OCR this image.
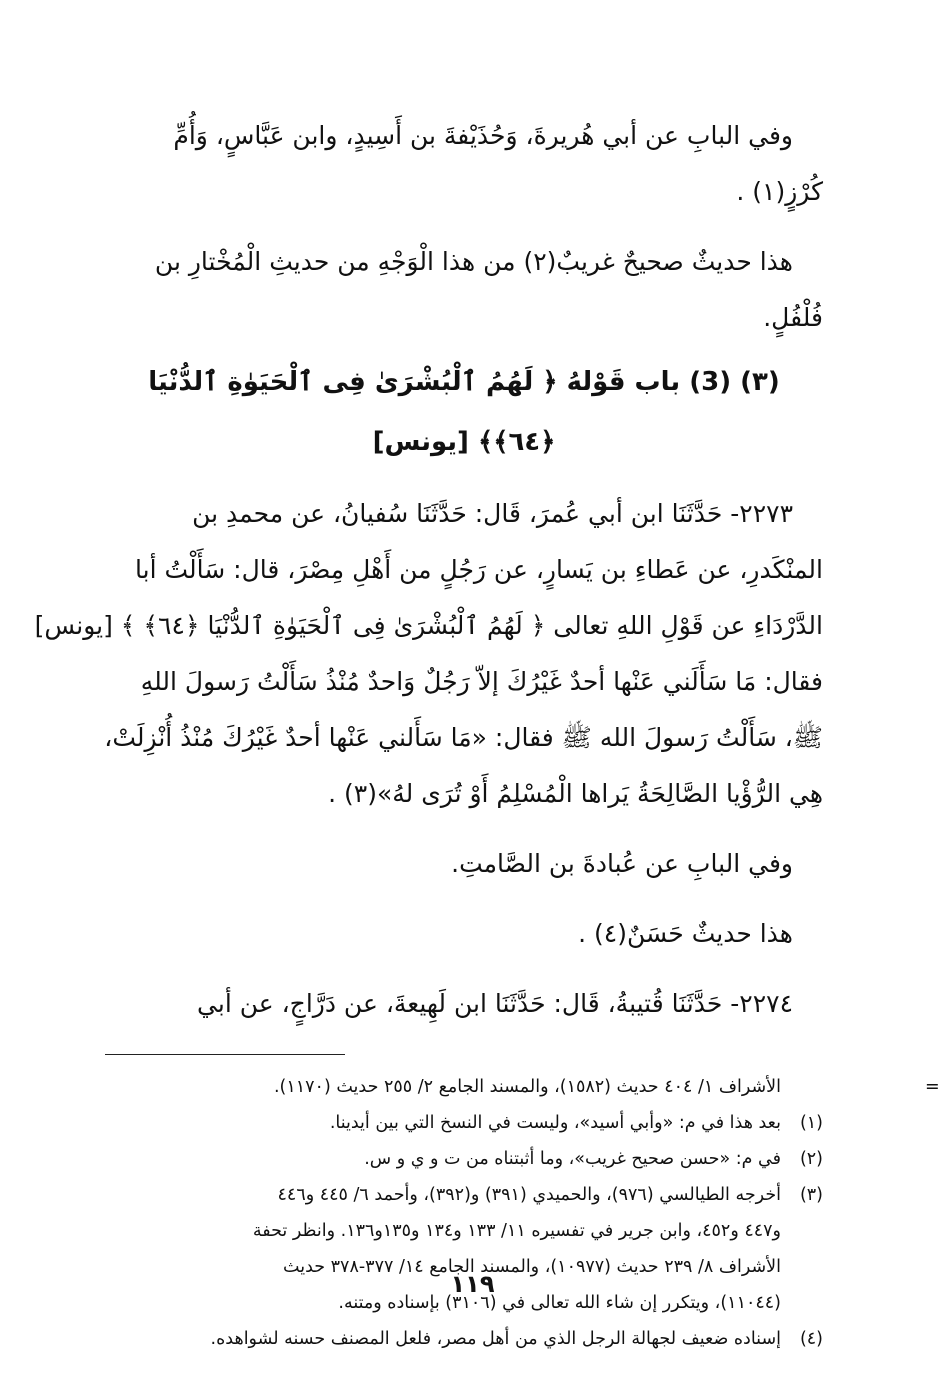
وفي البابِ عن أبي هُريرةَ، وَحُذَيْفةَ بن أَسِيدٍ، وابن عَبَّاسٍ، وَأُمِّ
كُرْزٍ(١) .
هذا حديثٌ صحيحٌ غريبٌ(٢) من هذا الْوَجْهِ من حديثِ الْمُخْتارِ بن
فُلْفُلٍ.
(٣) (3) باب قَوْلهُ ﴿ لَهُمُ ٱلْبُشْرَىٰ فِى ٱلْحَيَوٰةِ ٱلدُّنْيَا ﴿٦٤﴾﴾ [يونس]
٢٢٧٣- حَدَّثَنَا ابن أبي عُمرَ، قَال: حَدَّثَنَا سُفيانُ، عن محمدِ بن
المنْكَدرِ، عن عَطاءِ بن يَسارٍ، عن رَجُلٍ من أَهْلِ مِصْرَ، قال: سَأَلْتُ أبا
الدَّرْدَاءِ عن قَوْلِ اللهِ تعالى ﴿ لَهُمُ ٱلْبُشْرَىٰ فِى ٱلْحَيَوٰةِ ٱلدُّنْيَا ﴿٦٤﴾ ﴾ [يونس]
فقال: مَا سَأَلَني عَنْها أحدٌ غَيْرُكَ إلاّ رَجُلٌ وَاحدٌ مُنْذُ سَأَلْتُ رَسولَ اللهِ
ﷺ، سَأَلْتُ رَسولَ الله ﷺ فقال: «مَا سَأَلني عَنْها أحدٌ غَيْرُكَ مُنْذُ أُنْزِلَتْ،
هِي الرُّؤْيا الصَّالِحَةُ يَراها الْمُسْلِمُ أَوْ تُرَى لهُ»(٣) .
وفي البابِ عن عُبادةَ بن الصَّامتِ.
هذا حديثٌ حَسَنٌ(٤) .
٢٢٧٤- حَدَّثَنَا قُتيبةُ، قَال: حَدَّثَنَا ابن لَهِيعةَ، عن دَرَّاجٍ، عن أبي
الأشراف ١/ ٤٠٤ حديث (١٥٨٢)، والمسند الجامع ٢/ ٢٥٥ حديث (١١٧٠).	=
(١)
بعد هذا في م: «وأبي أسيد»، وليست في النسخ التي بين أيدينا.
(٢)
في م: «حسن صحيح غريب»، وما أثبتناه من ت و ي و س.
(٣)
أخرجه الطيالسي (٩٧٦)، والحميدي (٣٩١) و(٣٩٢)، وأحمد ٦/ ٤٤٥ و٤٤٦
و٤٤٧ و٤٥٢، وابن جرير في تفسيره ١١/ ١٣٣ و١٣٤ و١٣٥و١٣٦. وانظر تحفة
الأشراف ٨/ ٢٣٩ حديث (١٠٩٧٧)، والمسند الجامع ١٤/ ٣٧٧-٣٧٨ حديث
(١١٠٤٤)، ويتكرر إن شاء الله تعالى في (٣١٠٦) بإسناده ومتنه.
(٤)
إسناده ضعيف لجهالة الرجل الذي من أهل مصر، فلعل المصنف حسنه لشواهده.
١١٩
